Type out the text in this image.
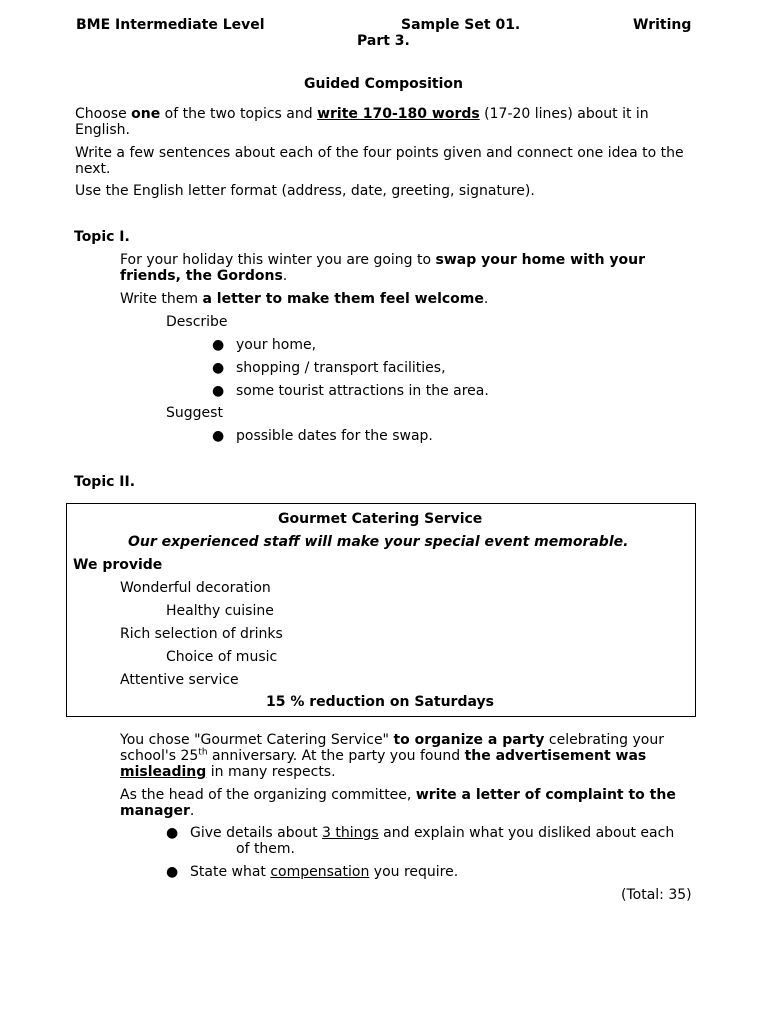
BME Intermediate Level	Sample Set 01.	Writing
Part 3.
Guided Composition
Choose one of the two topics and write 170-180 words (17-20 lines) about it in
English.
Write a few sentences about each of the four points given and connect one idea to the
next.
Use the English letter format (address, date, greeting, signature).
Topic I.
For your holiday this winter you are going to swap your home with your
friends, the Gordons.
Write them a letter to make them feel welcome.
Describe
● your home,
● shopping / transport facilities,
● some tourist attractions in the area.
Suggest
● possible dates for the swap.
Topic II.
Gourmet Catering Service
Our experienced staff will make your special event memorable.
We provide
Wonderful decoration
Healthy cuisine
Rich selection of drinks
Choice of music
Attentive service
15 % reduction on Saturdays
You chose "Gourmet Catering Service" to organize a party celebrating your
school's 25th anniversary. At the party you found the advertisement was
misleading in many respects.
As the head of the organizing committee, write a letter of complaint to the
manager.
● Give details about 3 things and explain what you disliked about each
of them.
● State what compensation you require.
(Total: 35)
